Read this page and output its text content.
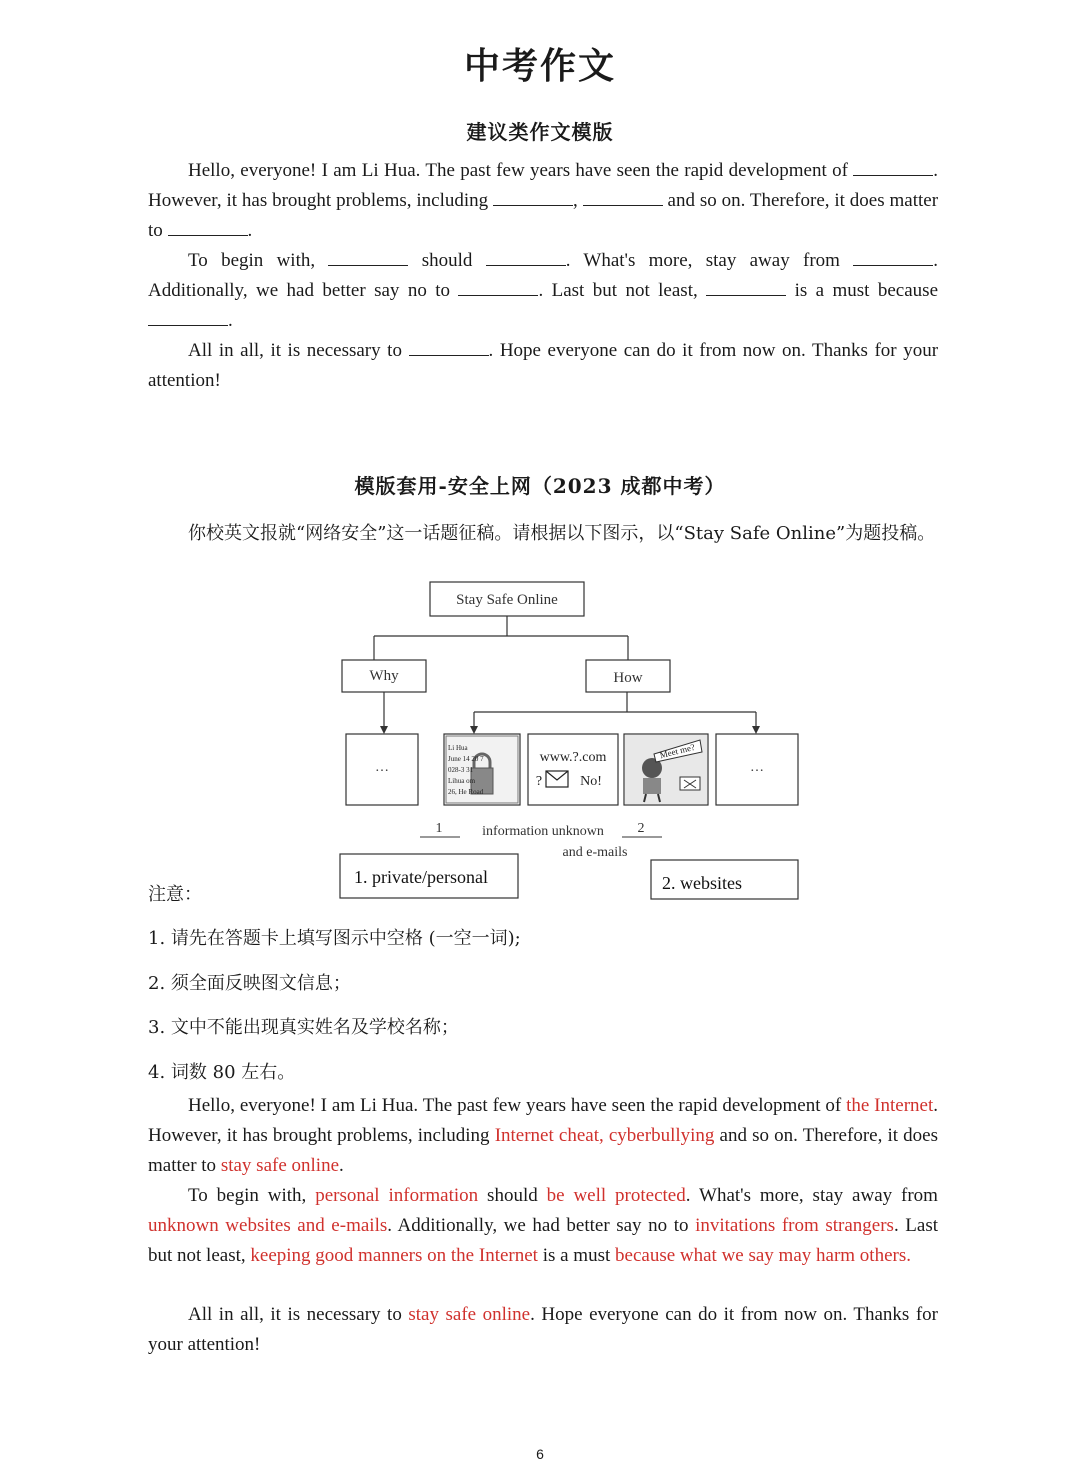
中考作文
建议类作文模版

Hello, everyone! I am Li Hua. The past few years have seen the rapid development of	. However, it has brought problems, including	,	and so on. Therefore, it does matter to	.

To begin with,	should	. What's more, stay away from	. Additionally, we had better say no to	. Last but not least,	is a must because .

All in all, it is necessary to	. Hope everyone can do it from now on. Thanks for your attention!

模版套用-安全上网（2023 成都中考）

你校英文报就“网络安全”这一话题征稿。请根据以下图示，以“Stay Safe Online”为题投稿。

Li Hua
June 14 20 7
028-3 31
Lihua om
26, He Road
Stay Safe Online
Why	How
…	…
www.?.com
?	No!
Meet me?
1	2
information unknown
and e-mails
1. private/personal	2. websites
注意：
1. 请先在答题卡上填写图示中空格 (一空一词);
2. 须全面反映图文信息；
3. 文中不能出现真实姓名及学校名称；
4. 词数 80 左右。

Hello, everyone! I am Li Hua. The past few years have seen the rapid development of the Internet. However, it has brought problems, including Internet cheat, cyberbullying and so on. Therefore, it does matter to stay safe online.

To begin with, personal information should be well protected. What's more, stay away from unknown websites and e-mails. Additionally, we had better say no to invitations from strangers. Last but not least, keeping good manners on the Internet is a must because what we say may harm others.

All in all, it is necessary to stay safe online. Hope everyone can do it from now on. Thanks for your attention!

6
